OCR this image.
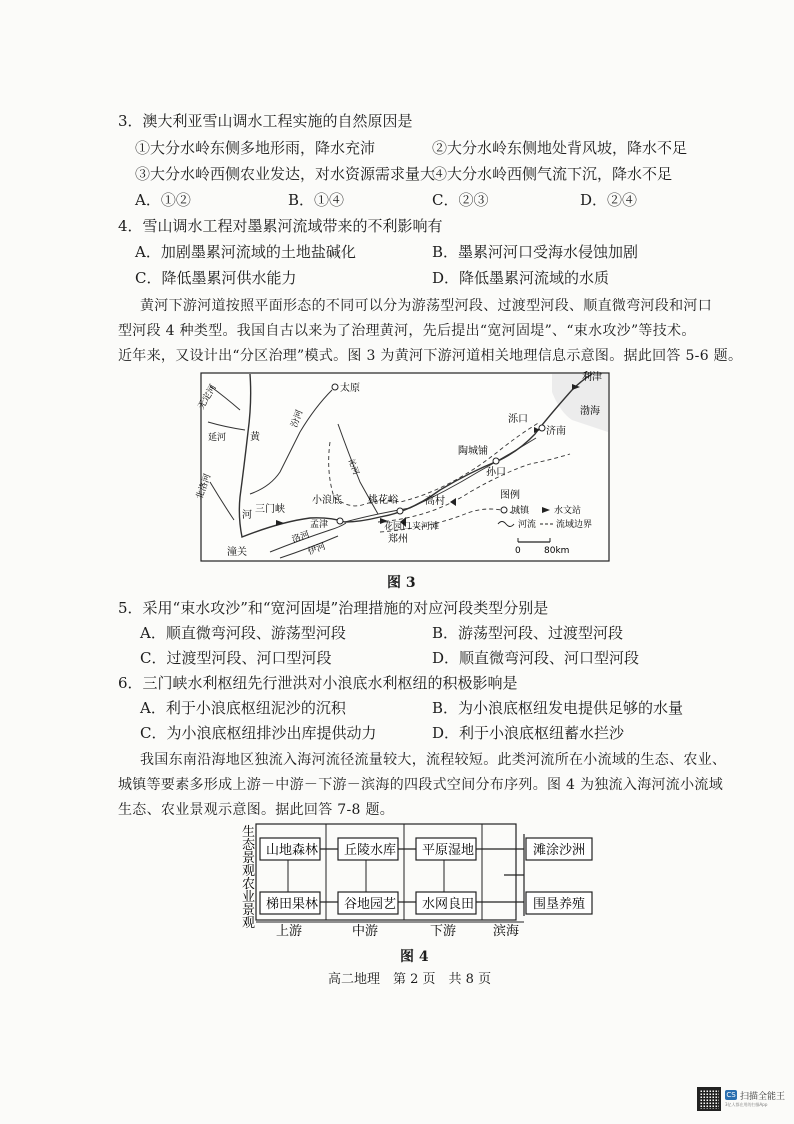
3．澳大利亚雪山调水工程实施的自然原因是
①大分水岭东侧多地形雨，降水充沛	②大分水岭东侧地处背风坡，降水不足
③大分水岭西侧农业发达，对水资源需求量大
④大分水岭西侧气流下沉，降水不足
A．①②	B．①④	C．②③	D．②④
4．雪山调水工程对墨累河流域带来的不利影响有
A．加剧墨累河流域的土地盐碱化	B．墨累河河口受海水侵蚀加剧
C．降低墨累河供水能力	D．降低墨累河流域的水质
黄河下游河道按照平面形态的不同可以分为游荡型河段、过渡型河段、顺直微弯河段和河口
型河段 4 种类型。我国自古以来为了治理黄河，先后提出“宽河固堤”、“束水攻沙”等技术。
近年来，又设计出“分区治理”模式。图 3 为黄河下游河道相关地理信息示意图。据此回答 5-6 题。
太原
无定河
汾河
延河 黄
河
北洛河
三门峡
小浪底
孟津
洛河
伊河
潼关
桃花峪
花园口 夹河滩
郑州
高村
陶城铺
孙口
泺口
济南
利津
渤海
沁河
图例
城镇	水文站
河流 流域边界
0	80km
图 3
5．采用“束水攻沙”和“宽河固堤”治理措施的对应河段类型分别是
A．顺直微弯河段、游荡型河段	B．游荡型河段、过渡型河段
C．过渡型河段、河口型河段	D．顺直微弯河段、河口型河段
6．三门峡水利枢纽先行泄洪对小浪底水利枢纽的积极影响是
A．利于小浪底枢纽泥沙的沉积	B．为小浪底枢纽发电提供足够的水量
C．为小浪底枢纽排沙出库提供动力	D．利于小浪底枢纽蓄水拦沙
我国东南沿海地区独流入海河流径流量较大，流程较短。此类河流所在小流域的生态、农业、
城镇等要素多形成上游－中游－下游－滨海的四段式空间分布序列。图 4 为独流入海河流小流域
生态、农业景观示意图。据此回答 7-8 题。
生态景观
农业景观
山地森林 丘陵水库 平原湿地	滩涂沙洲
梯田果林 谷地园艺 水网良田	围垦养殖
上游	中游	下游	滨海
图 4
高二地理　第 2 页　共 8 页
CS 扫描全能王
3亿人都在用的扫描App
